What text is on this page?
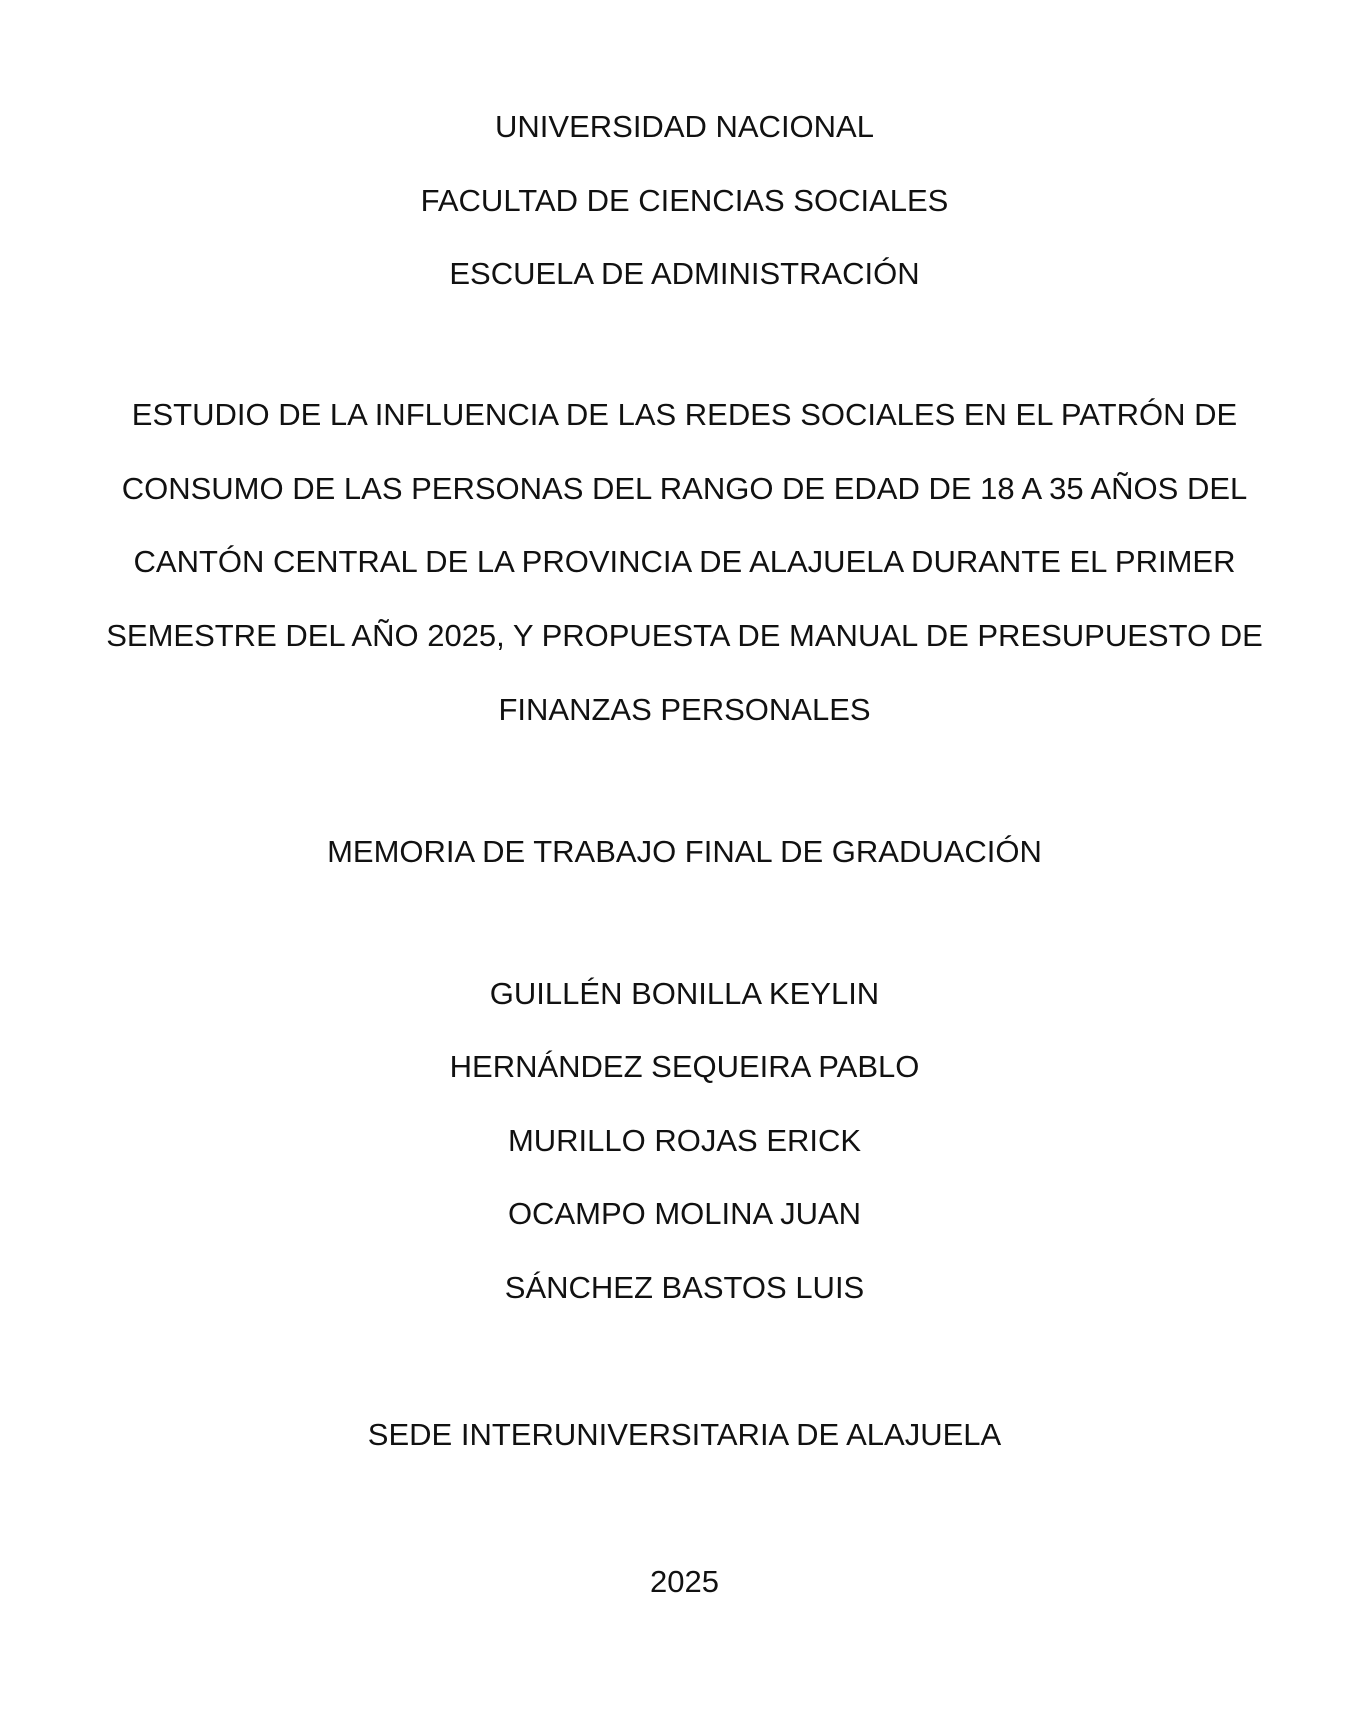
UNIVERSIDAD NACIONAL
FACULTAD DE CIENCIAS SOCIALES
ESCUELA DE ADMINISTRACIÓN
ESTUDIO DE LA INFLUENCIA DE LAS REDES SOCIALES EN EL PATRÓN DE
CONSUMO DE LAS PERSONAS DEL RANGO DE EDAD DE 18 A 35 AÑOS DEL
CANTÓN CENTRAL DE LA PROVINCIA DE ALAJUELA DURANTE EL PRIMER
SEMESTRE DEL AÑO 2025, Y PROPUESTA DE MANUAL DE PRESUPUESTO DE
FINANZAS PERSONALES
MEMORIA DE TRABAJO FINAL DE GRADUACIÓN
GUILLÉN BONILLA KEYLIN
HERNÁNDEZ SEQUEIRA PABLO
MURILLO ROJAS ERICK
OCAMPO MOLINA JUAN
SÁNCHEZ BASTOS LUIS
SEDE INTERUNIVERSITARIA DE ALAJUELA
2025
